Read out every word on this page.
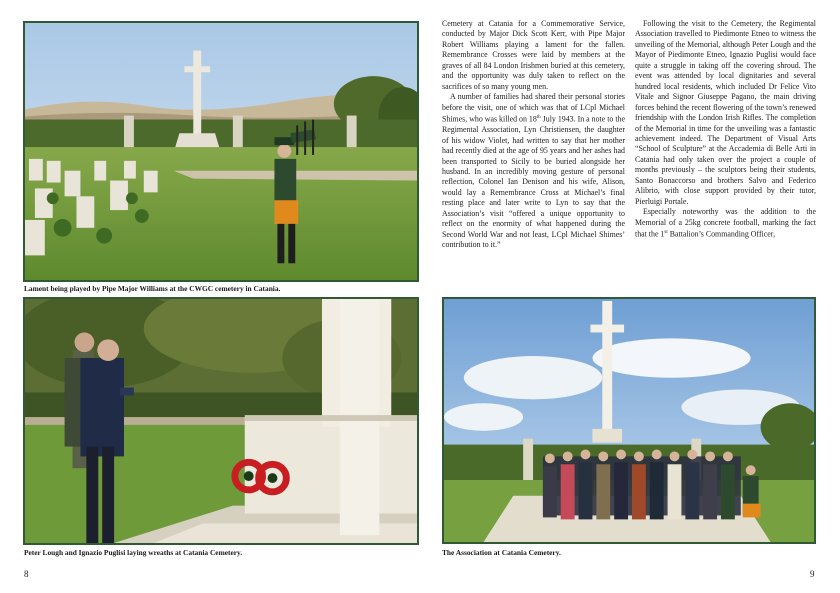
Lament being played by Pipe Major Williams at the CWGC cemetery in Catania.
Peter Lough and Ignazio Puglisi laying wreaths at Catania Cemetery.
8

Cemetery at Catania for a Commemorative Service, conducted by Major Dick Scott Kerr, with Pipe Major Robert Williams playing a lament for the fallen. Remembrance Crosses were laid by members at the graves of all 84 London Irishmen buried at this cemetery, and the opportunity was duly taken to reflect on the sacrifices of so many young men.

A number of families had shared their personal stories before the visit, one of which was that of LCpl Michael Shimes, who was killed on 18th July 1943. In a note to the Regimental Association, Lyn Christiensen, the daughter of his widow Violet, had written to say that her mother had recently died at the age of 95 years and her ashes had been transported to Sicily to be buried alongside her husband. In an incredibly moving gesture of personal reflection, Colonel Ian Denison and his wife, Alison, would lay a Remembrance Cross at Michael’s final resting place and later write to Lyn to say that the Association’s visit “offered a unique opportunity to reflect on the enormity of what happened during the Second World War and not least, LCpl Michael Shimes’ contribution to it.”

Following the visit to the Cemetery, the Regimental Association travelled to Piedimonte Etneo to witness the unveiling of the Memorial, although Peter Lough and the Mayor of Piedimonte Etneo, Ignazio Puglisi would face quite a struggle in taking off the covering shroud. The event was attended by local dignitaries and several hundred local residents, which included Dr Felice Vito Vitale and Signor Giuseppe Pagano, the main driving forces behind the recent flowering of the town’s renewed friendship with the London Irish Rifles. The completion of the Memorial in time for the unveiling was a fantastic achievement indeed. The Department of Visual Arts “School of Sculpture” at the Accademia di Belle Arti in Catania had only taken over the project a couple of months previously – the sculptors being their students, Santo Bonaccorso and brothers Salvo and Federico Alibrio, with close support provided by their tutor, Pierluigi Portale.

Especially noteworthy was the addition to the Memorial of a 25kg concrete football, marking the fact that the 1st Battalion’s Commanding Officer,

The Association at Catania Cemetery.
9
